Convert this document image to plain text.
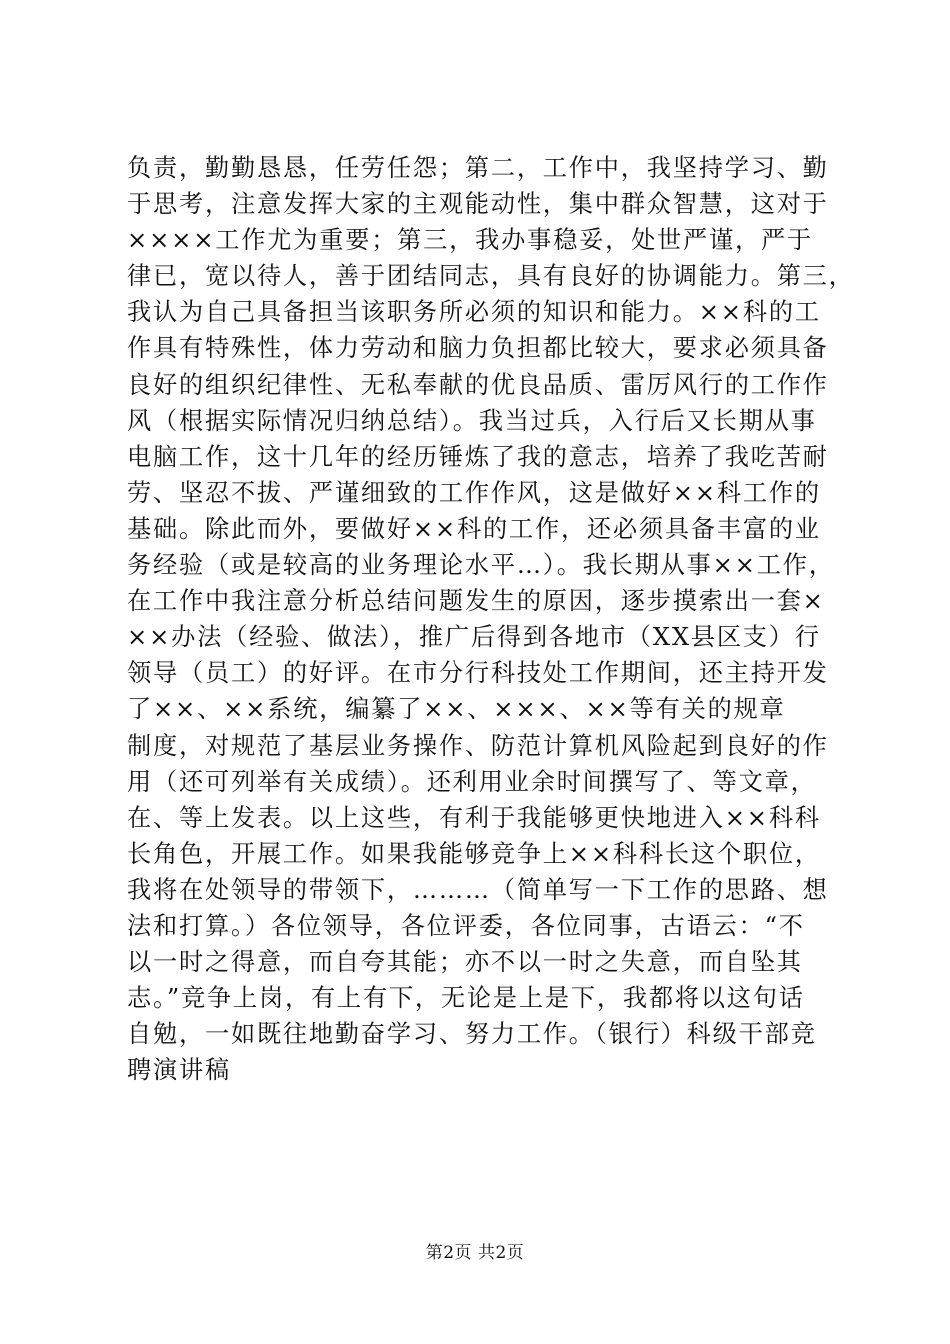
负责，勤勤恳恳，任劳任怨；第二，工作中，我坚持学习、勤
于思考，注意发挥大家的主观能动性，集中群众智慧，这对于
××××工作尤为重要；第三，我办事稳妥，处世严谨，严于
律已，宽以待人，善于团结同志，具有良好的协调能力。第三，
我认为自己具备担当该职务所必须的知识和能力。××科的工
作具有特殊性，体力劳动和脑力负担都比较大，要求必须具备
良好的组织纪律性、无私奉献的优良品质、雷厉风行的工作作
风（根据实际情况归纳总结）。我当过兵，入行后又长期从事
电脑工作，这十几年的经历锤炼了我的意志，培养了我吃苦耐
劳、坚忍不拔、严谨细致的工作作风，这是做好××科工作的
基础。除此而外，要做好××科的工作，还必须具备丰富的业
务经验（或是较高的业务理论水平…）。我长期从事××工作，
在工作中我注意分析总结问题发生的原因，逐步摸索出一套×
××办法（经验、做法），推广后得到各地市（XX县区支）行
领导（员工）的好评。在市分行科技处工作期间，还主持开发
了××、××系统，编纂了××、×××、××等有关的规章
制度，对规范了基层业务操作、防范计算机风险起到良好的作
用（还可列举有关成绩）。还利用业余时间撰写了、等文章，
在、等上发表。以上这些，有利于我能够更快地进入××科科
长角色，开展工作。如果我能够竞争上××科科长这个职位，
我将在处领导的带领下，………（简单写一下工作的思路、想
法和打算。）各位领导，各位评委，各位同事，古语云：“不
以一时之得意，而自夸其能；亦不以一时之失意，而自坠其
志。”竞争上岗，有上有下，无论是上是下，我都将以这句话
自勉，一如既往地勤奋学习、努力工作。（银行）科级干部竞
聘演讲稿
第2页 共2页
